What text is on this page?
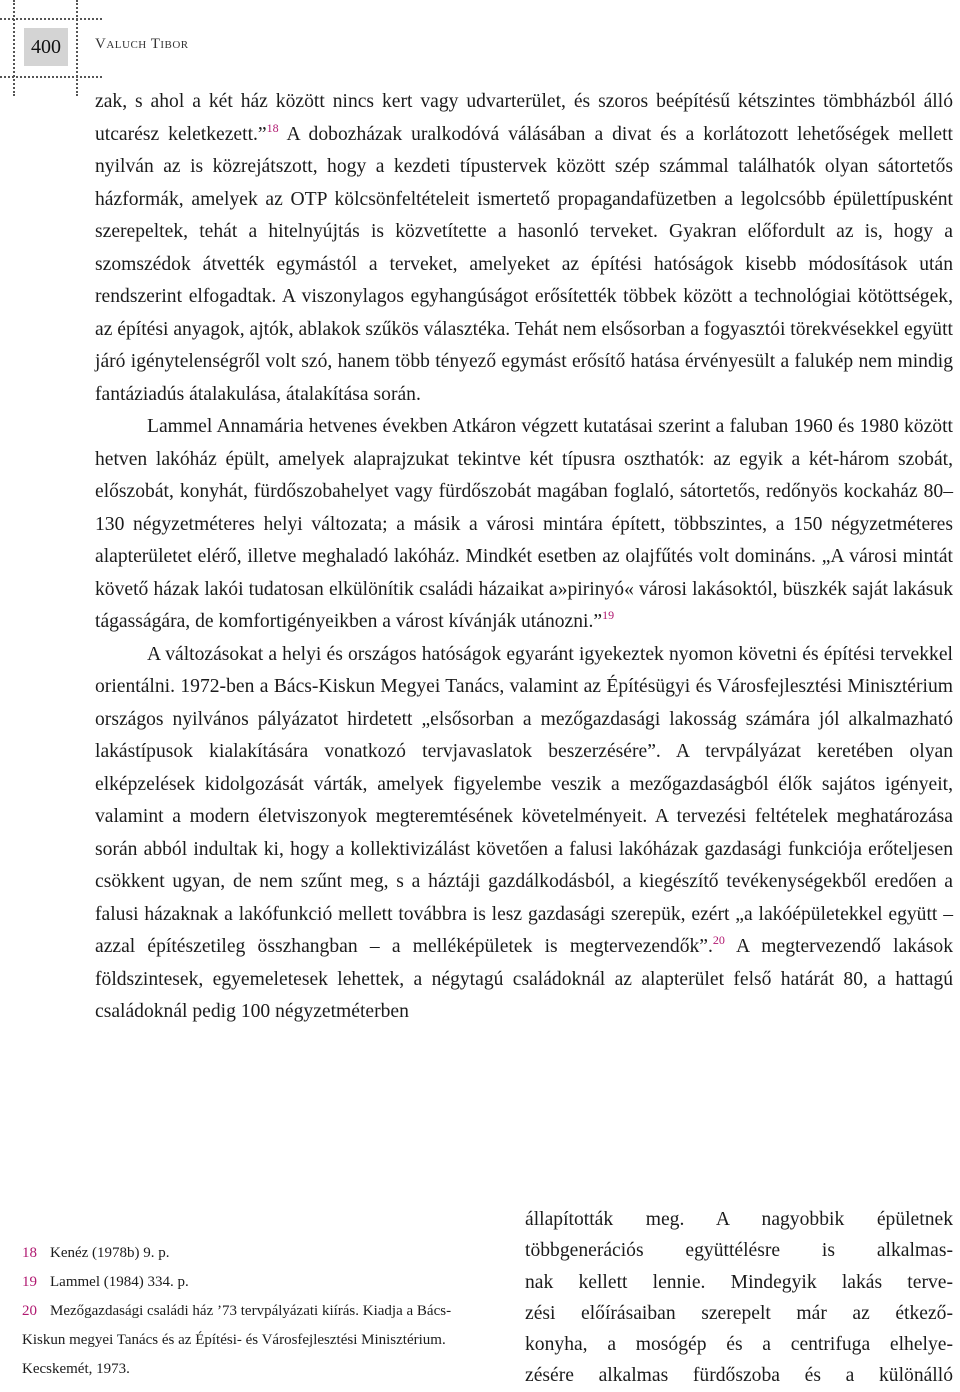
400	Valuch Tibor

zak, s ahol a két ház között nincs kert vagy udvarterület, és szoros beépítésű kétszintes tömbházból álló utcarész keletkezett.”$^{18}$ A dobozházak uralkodóvá válásában a divat és a korlátozott lehetőségek mellett nyilván az is közrejátszott, hogy a kezdeti típustervek között szép számmal találhatók olyan sátortetős házformák, amelyek az OTP kölcsönfeltételeit ismertető propagandafüzetben a legolcsóbb épülettípusként szerepeltek, tehát a hitelnyújtás is közvetítette a hasonló terveket. Gyakran előfordult az is, hogy a szomszédok átvették egymástól a terveket, amelyeket az építési hatóságok kisebb módosítások után rendszerint elfogadtak. A viszonylagos egyhangúságot erősítették többek között a technológiai kötöttségek, az építési anyagok, ajtók, ablakok szűkös választéka. Tehát nem elsősorban a fogyasztói törekvésekkel együtt járó igénytelenségről volt szó, hanem több tényező egymást erősítő hatása érvényesült a falukép nem mindig fantáziadús átalakulása, átalakítása során.

Lammel Annamária hetvenes években Atkáron végzett kutatásai szerint a faluban 1960 és 1980 között hetven lakóház épült, amelyek alaprajzukat tekintve két típusra oszthatók: az egyik a két-három szobát, előszobát, konyhát, fürdőszobahelyet vagy fürdőszobát magában foglaló, sátortetős, redőnyös kockaház 80–130 négyzetméteres helyi változata; a másik a városi mintára épített, többszintes, a 150 négyzetméteres alapterületet elérő, illetve meghaladó lakóház. Mindkét esetben az olajfűtés volt domináns. „A városi mintát követő házak lakói tudatosan elkülönítik családi házaikat a»pirinyó« városi lakásoktól, büszkék saját lakásuk tágasságára, de komfortigényeikben a várost kívánják utánozni.”$^{19}$

A változásokat a helyi és országos hatóságok egyaránt igyekeztek nyomon követni és építési tervekkel orientálni. 1972-ben a Bács-Kiskun Megyei Tanács, valamint az Építésügyi és Városfejlesztési Minisztérium országos nyilvános pályázatot hirdetett „elsősorban a mezőgazdasági lakosság számára jól alkalmazható lakástípusok kialakítására vonatkozó tervjavaslatok beszerzésére”. A tervpályázat keretében olyan elképzelések kidolgozását várták, amelyek figyelembe veszik a mezőgazdaságból élők sajátos igényeit, valamint a modern életviszonyok megteremtésének követelményeit. A tervezési feltételek meghatározása során abból indultak ki, hogy a kollektivizálást követően a falusi lakóházak gazdasági funkciója erőteljesen csökkent ugyan, de nem szűnt meg, s a háztáji gazdálkodásból, a kiegészítő tevékenységekből eredően a falusi házaknak a lakófunkció mellett továbbra is lesz gazdasági szerepük, ezért „a lakóépületekkel együtt – azzal építészetileg összhangban – a melléképületek is megtervezendők”.$^{20}$ A megtervezendő lakások földszintesek, egyemeletesek lehettek, a négytagú családoknál az alapterület felső határát 80, a hattagú családoknál pedig 100 négyzetméterben

állapították meg. A nagyobbik épületnek
többgenerációs együttélésre is alkalmas-
nak kellett lennie. Mindegyik lakás terve-
zési előírásaiban szerepelt már az étkező-
konyha, a mosógép és a centrifuga elhelye-
zésére alkalmas fürdőszoba és a különálló
18 Kenéz (1978b) 9. p.
19 Lammel (1984) 334. p.
20 Mezőgazdasági családi ház ’73 tervpályázati kiírás. Kiadja a Bács-Kiskun megyei Tanács és az Építési- és Városfejlesztési Minisztérium. Kecskemét, 1973.
